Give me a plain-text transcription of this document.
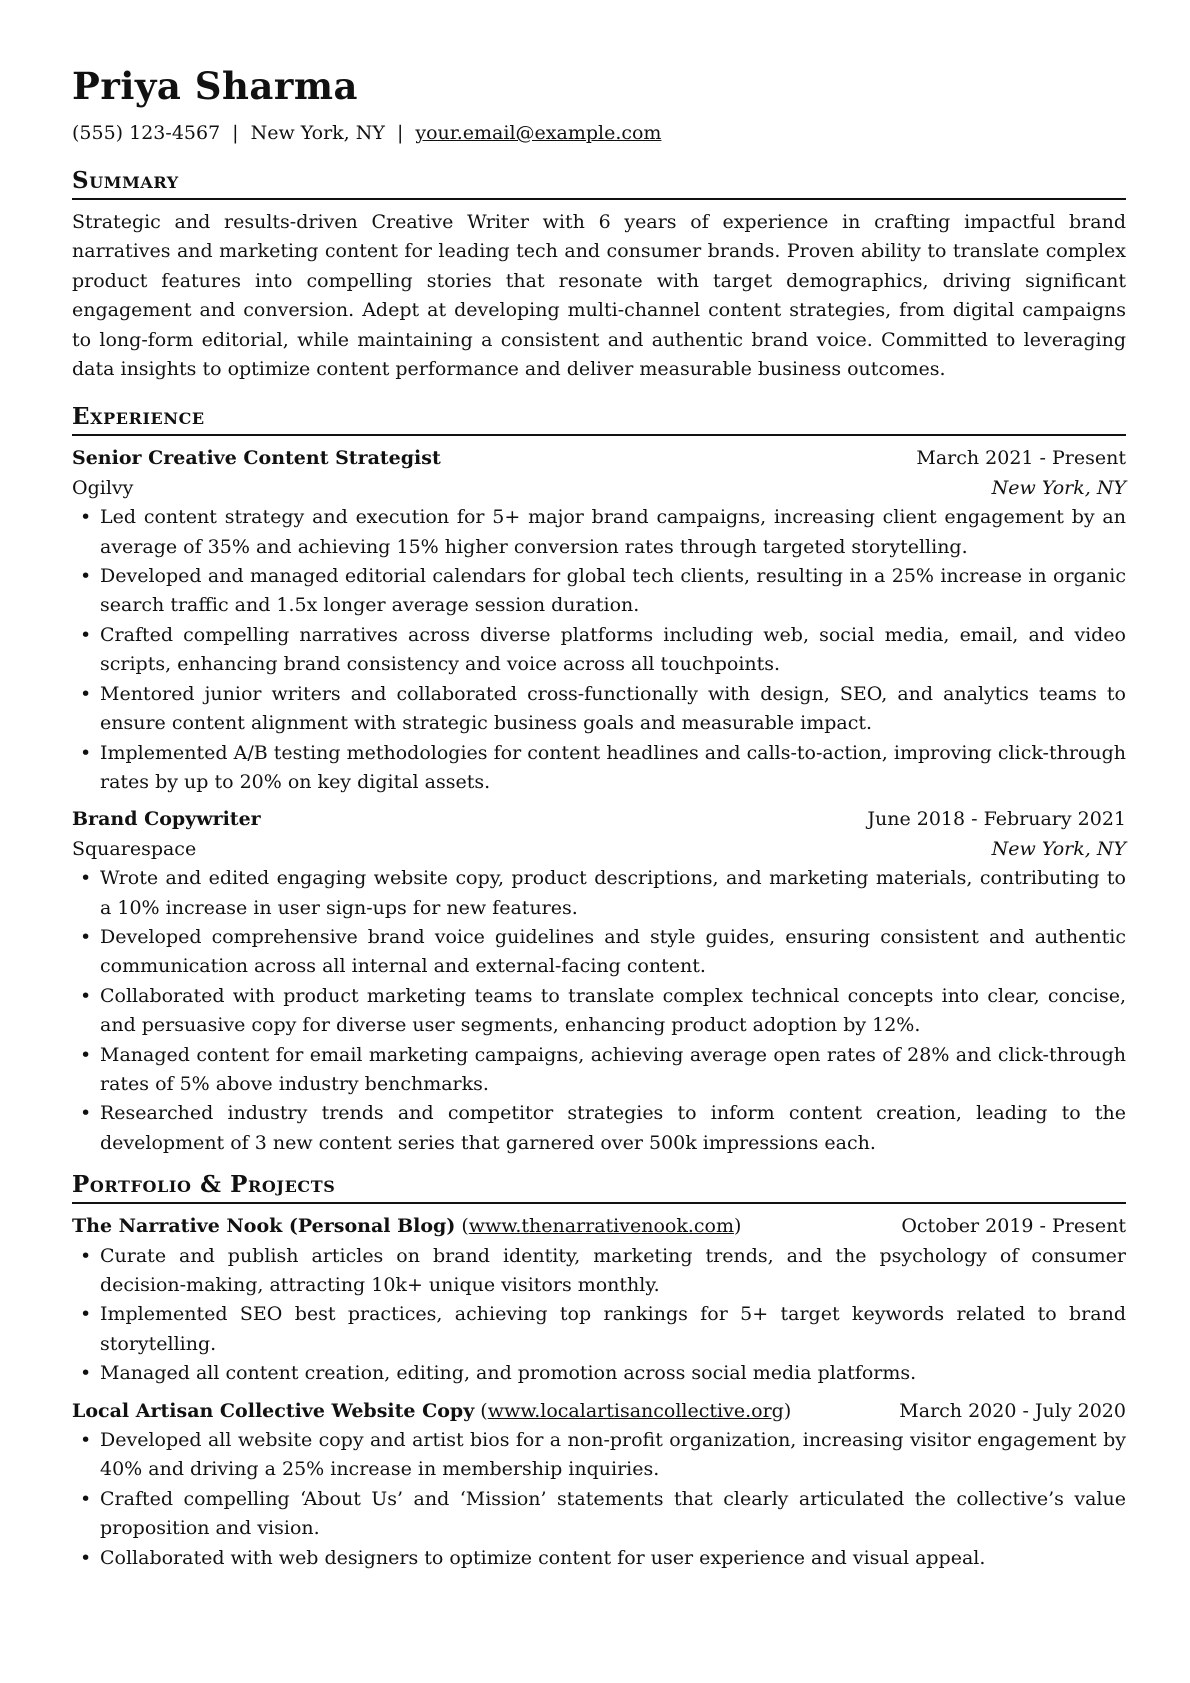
Priya Sharma
(555) 123-4567 | New York, NY | your.email@example.com
Summary

Strategic and results-driven Creative Writer with 6 years of experience in crafting impactful brand narratives and marketing content for leading tech and consumer brands. Proven ability to translate complex product features into compelling stories that resonate with target demographics, driving significant engagement and conversion. Adept at developing multi-channel content strategies, from digital campaigns to long-form editorial, while maintaining a consistent and authentic brand voice. Committed to leveraging data insights to optimize content performance and deliver measurable business outcomes.

Experience
Senior Creative Content Strategist	March 2021 - Present
Ogilvy	New York, NY
• Led content strategy and execution for 5+ major brand campaigns, increasing client engagement by an average of 35% and achieving 15% higher conversion rates through targeted storytelling.
• Developed and managed editorial calendars for global tech clients, resulting in a 25% increase in organic search traffic and 1.5x longer average session duration.
• Crafted compelling narratives across diverse platforms including web, social media, email, and video scripts, enhancing brand consistency and voice across all touchpoints.
• Mentored junior writers and collaborated cross-functionally with design, SEO, and analytics teams to ensure content alignment with strategic business goals and measurable impact.
• Implemented A/B testing methodologies for content headlines and calls-to-action, improving click-through rates by up to 20% on key digital assets.
Brand Copywriter	June 2018 - February 2021
Squarespace	New York, NY
• Wrote and edited engaging website copy, product descriptions, and marketing materials, contributing to a 10% increase in user sign-ups for new features.
• Developed comprehensive brand voice guidelines and style guides, ensuring consistent and authentic communication across all internal and external-facing content.
• Collaborated with product marketing teams to translate complex technical concepts into clear, concise, and persuasive copy for diverse user segments, enhancing product adoption by 12%.
• Managed content for email marketing campaigns, achieving average open rates of 28% and click-through rates of 5% above industry benchmarks.
• Researched industry trends and competitor strategies to inform content creation, leading to the development of 3 new content series that garnered over 500k impressions each.
Portfolio & Projects
The Narrative Nook (Personal Blog) (www.thenarrativenook.com)	October 2019 - Present
• Curate and publish articles on brand identity, marketing trends, and the psychology of consumer decision-making, attracting 10k+ unique visitors monthly.
• Implemented SEO best practices, achieving top rankings for 5+ target keywords related to brand storytelling.
• Managed all content creation, editing, and promotion across social media platforms.
Local Artisan Collective Website Copy (www.localartisancollective.org)	March 2020 - July 2020
• Developed all website copy and artist bios for a non-profit organization, increasing visitor engagement by 40% and driving a 25% increase in membership inquiries.
• Crafted compelling ‘About Us’ and ‘Mission’ statements that clearly articulated the collective’s value proposition and vision.
• Collaborated with web designers to optimize content for user experience and visual appeal.
